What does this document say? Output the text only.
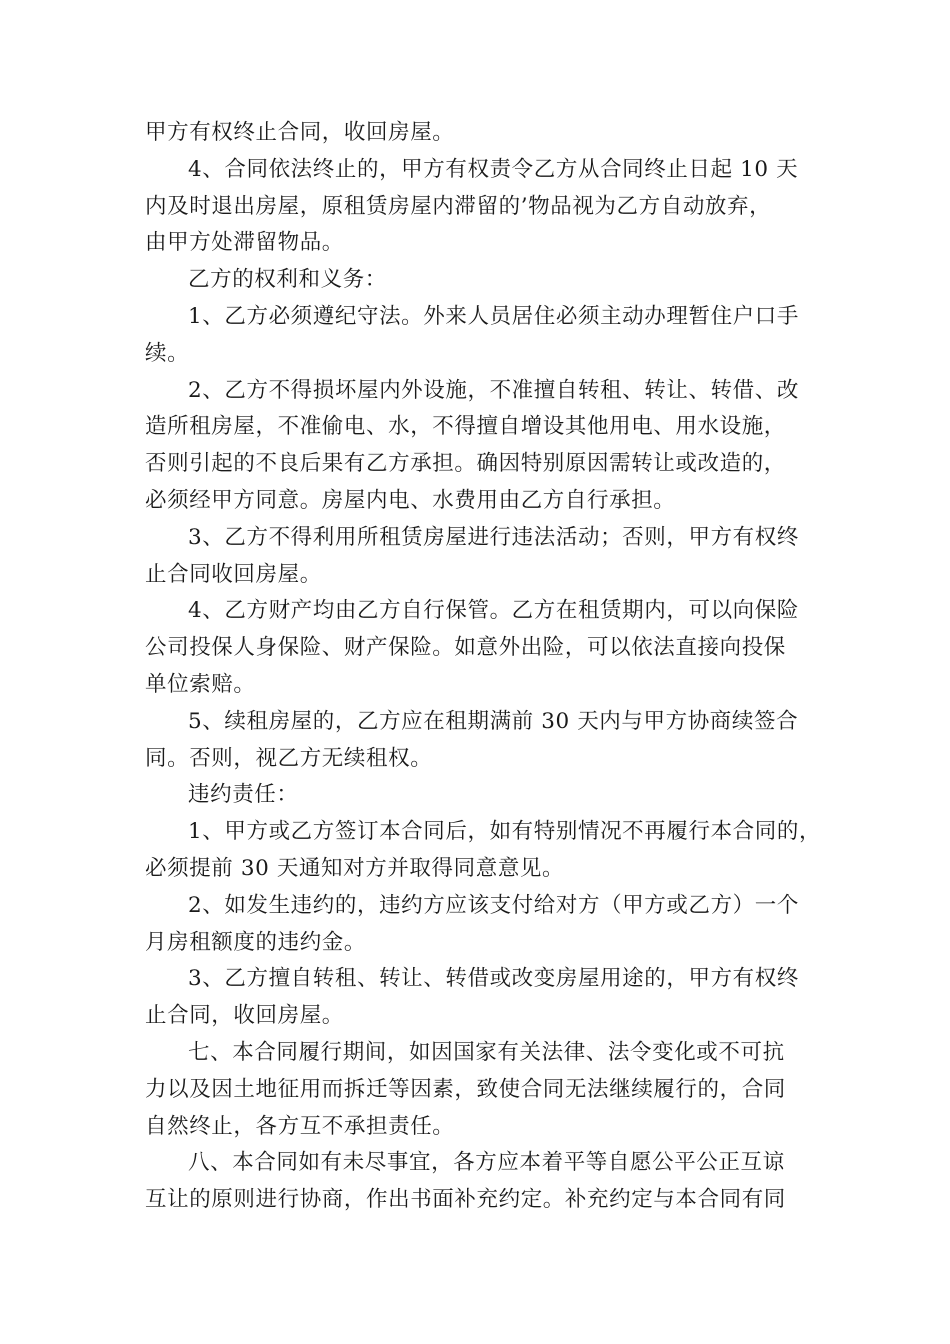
甲方有权终止合同，收回房屋。
4、合同依法终止的，甲方有权责令乙方从合同终止日起 10 天
内及时退出房屋，原租赁房屋内滞留的’物品视为乙方自动放弃，
由甲方处滞留物品。
乙方的权利和义务：
1、乙方必须遵纪守法。外来人员居住必须主动办理暂住户口手
续。
2、乙方不得损坏屋内外设施，不准擅自转租、转让、转借、改
造所租房屋，不准偷电、水，不得擅自增设其他用电、用水设施，
否则引起的不良后果有乙方承担。确因特别原因需转让或改造的，
必须经甲方同意。房屋内电、水费用由乙方自行承担。
3、乙方不得利用所租赁房屋进行违法活动；否则，甲方有权终
止合同收回房屋。
4、乙方财产均由乙方自行保管。乙方在租赁期内，可以向保险
公司投保人身保险、财产保险。如意外出险，可以依法直接向投保
单位索赔。
5、续租房屋的，乙方应在租期满前 30 天内与甲方协商续签合
同。否则，视乙方无续租权。
违约责任：
1、甲方或乙方签订本合同后，如有特别情况不再履行本合同的，
必须提前 30 天通知对方并取得同意意见。
2、如发生违约的，违约方应该支付给对方（甲方或乙方）一个
月房租额度的违约金。
3、乙方擅自转租、转让、转借或改变房屋用途的，甲方有权终
止合同，收回房屋。
七、本合同履行期间，如因国家有关法律、法令变化或不可抗
力以及因土地征用而拆迁等因素，致使合同无法继续履行的，合同
自然终止，各方互不承担责任。
八、本合同如有未尽事宜，各方应本着平等自愿公平公正互谅
互让的原则进行协商，作出书面补充约定。补充约定与本合同有同
